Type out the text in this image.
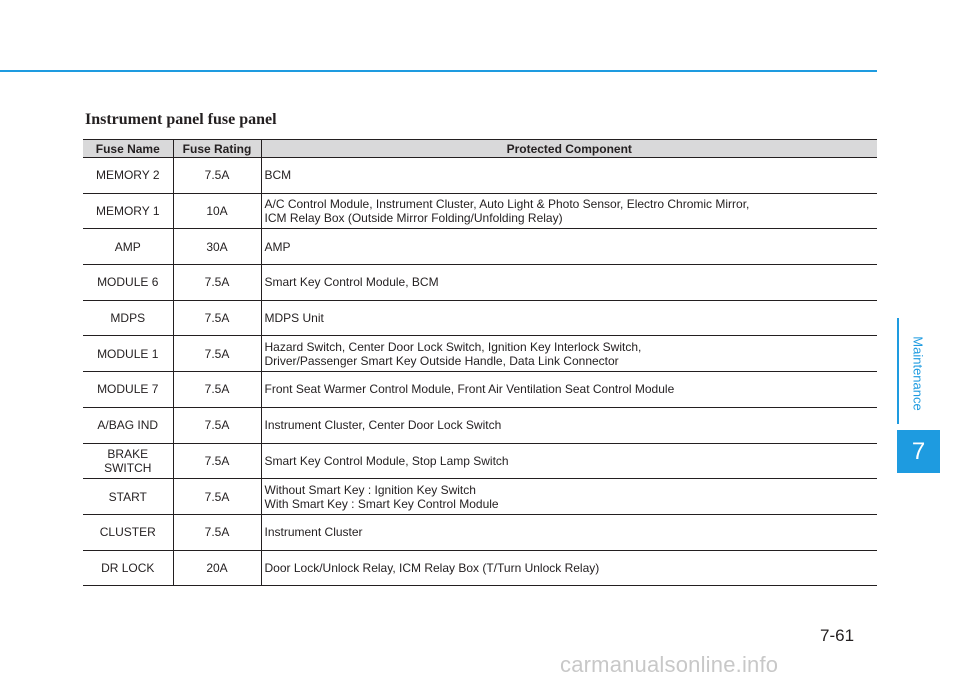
Instrument panel fuse panel
Fuse Name	Fuse Rating	Protected Component
MEMORY 2	7.5A	BCM
MEMORY 1	10A	A/C Control Module, Instrument Cluster, Auto Light & Photo Sensor, Electro Chromic Mirror,
ICM Relay Box (Outside Mirror Folding/Unfolding Relay)
AMP	30A	AMP
MODULE 6	7.5A	Smart Key Control Module, BCM
MDPS	7.5A	MDPS Unit
MODULE 1	7.5A	Hazard Switch, Center Door Lock Switch, Ignition Key Interlock Switch,
Driver/Passenger Smart Key Outside Handle, Data Link Connector
MODULE 7	7.5A	Front Seat Warmer Control Module, Front Air Ventilation Seat Control Module
A/BAG IND	7.5A	Instrument Cluster, Center Door Lock Switch
BRAKE
SWITCH	7.5A	Smart Key Control Module, Stop Lamp Switch
START	7.5A	Without Smart Key : Ignition Key Switch
With Smart Key : Smart Key Control Module
CLUSTER	7.5A	Instrument Cluster
DR LOCK	20A	Door Lock/Unlock Relay, ICM Relay Box (T/Turn Unlock Relay)
Maintenance
7
7-61
carmanualsonline.info
